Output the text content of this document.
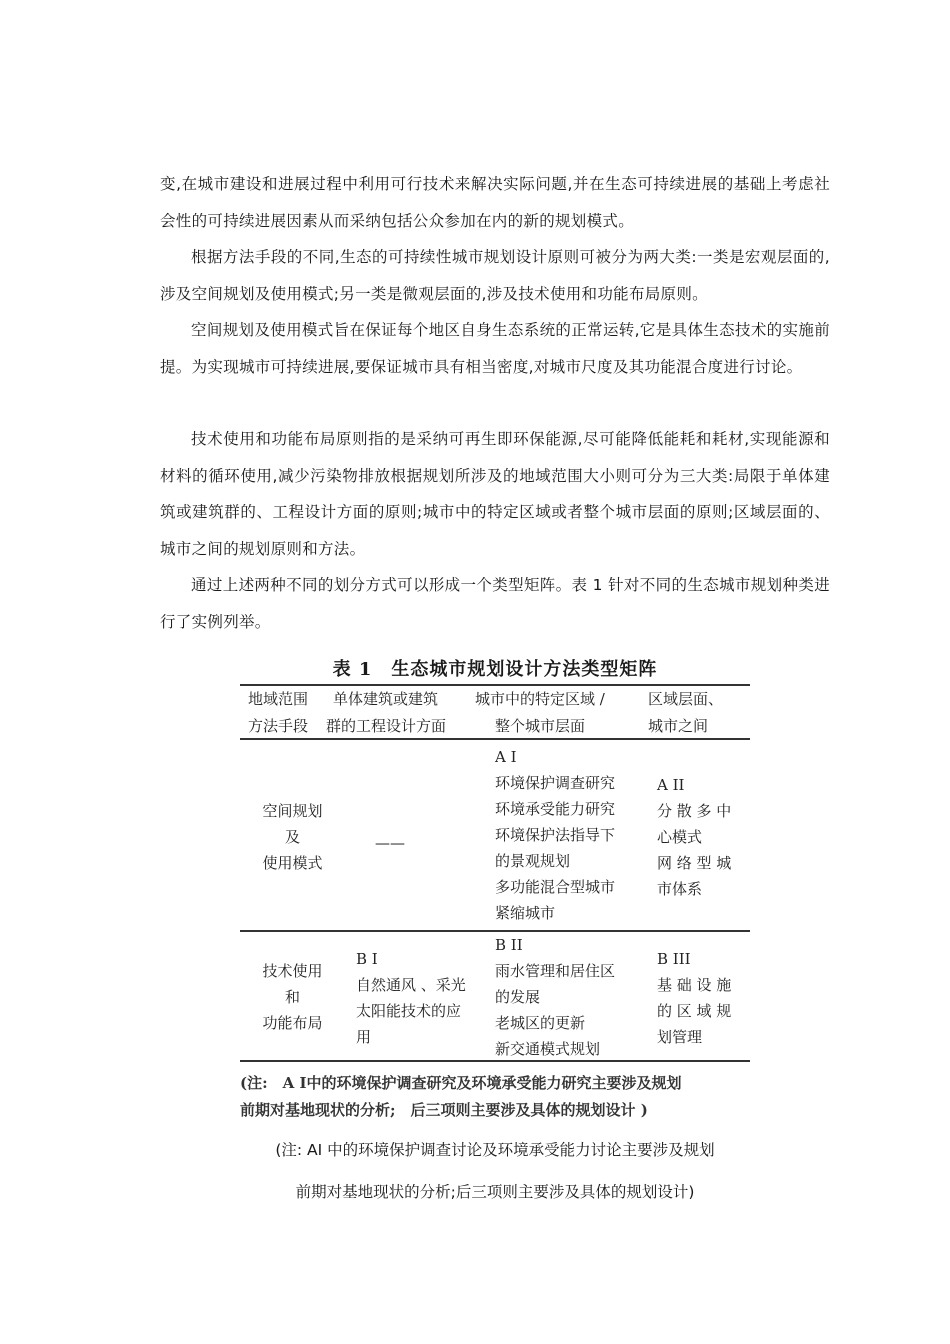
变,在城市建设和进展过程中利用可行技术来解决实际问题,并在生态可持续进展的基础上考虑社会性的可持续进展因素从而采纳包括公众参加在内的新的规划模式。

根据方法手段的不同,生态的可持续性城市规划设计原则可被分为两大类:一类是宏观层面的,涉及空间规划及使用模式;另一类是微观层面的,涉及技术使用和功能布局原则。

空间规划及使用模式旨在保证每个地区自身生态系统的正常运转,它是具体生态技术的实施前提。为实现城市可持续进展,要保证城市具有相当密度,对城市尺度及其功能混合度进行讨论。

技术使用和功能布局原则指的是采纳可再生即环保能源,尽可能降低能耗和耗材,实现能源和材料的循环使用,减少污染物排放根据规划所涉及的地域范围大小则可分为三大类:局限于单体建筑或建筑群的、工程设计方面的原则;城市中的特定区域或者整个城市层面的原则;区域层面的、城市之间的规划原则和方法。

通过上述两种不同的划分方式可以形成一个类型矩阵。表 1 针对不同的生态城市规划种类进行了实例列举。

表 1　生态城市规划设计方法类型矩阵
地域范围
方法手段
单体建筑或建筑
群的工程设计方面
城市中的特定区域 /
整个城市层面
区域层面、
城市之间
空间规划
及
使用模式
——
A I
环境保护调查研究
环境承受能力研究
环境保护法指导下
的景观规划
多功能混合型城市
紧缩城市
A II
分 散 多 中
心模式
网 络 型 城
市体系
技术使用
和
功能布局
B I
自然通风 、采光
太阳能技术的应
用
B II
雨水管理和居住区
的发展
老城区的更新
新交通模式规划
B III
基 础 设 施
的 区 域 规
划管理
(注:　A I中的环境保护调查研究及环境承受能力研究主要涉及规划
前期对基地现状的分析;　后三项则主要涉及具体的规划设计 )
(注: AI 中的环境保护调查讨论及环境承受能力讨论主要涉及规划
前期对基地现状的分析;后三项则主要涉及具体的规划设计)
